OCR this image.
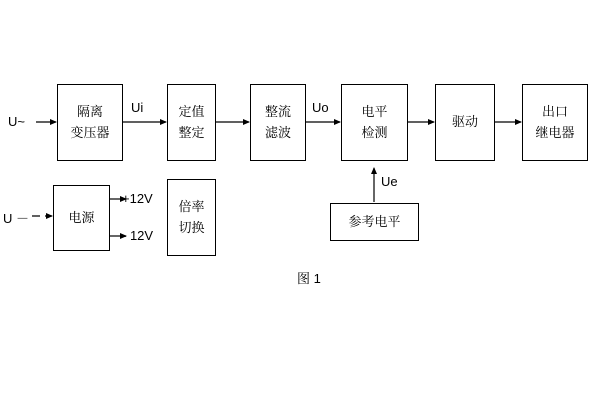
隔离
变压器
定值
整定
整流
滤波
电平
检测
驱动
出口
继电器
电源
倍率
切换	参考电平
U~
U －
Ui	Uo
Ue
+12V
- 12V
图 1
